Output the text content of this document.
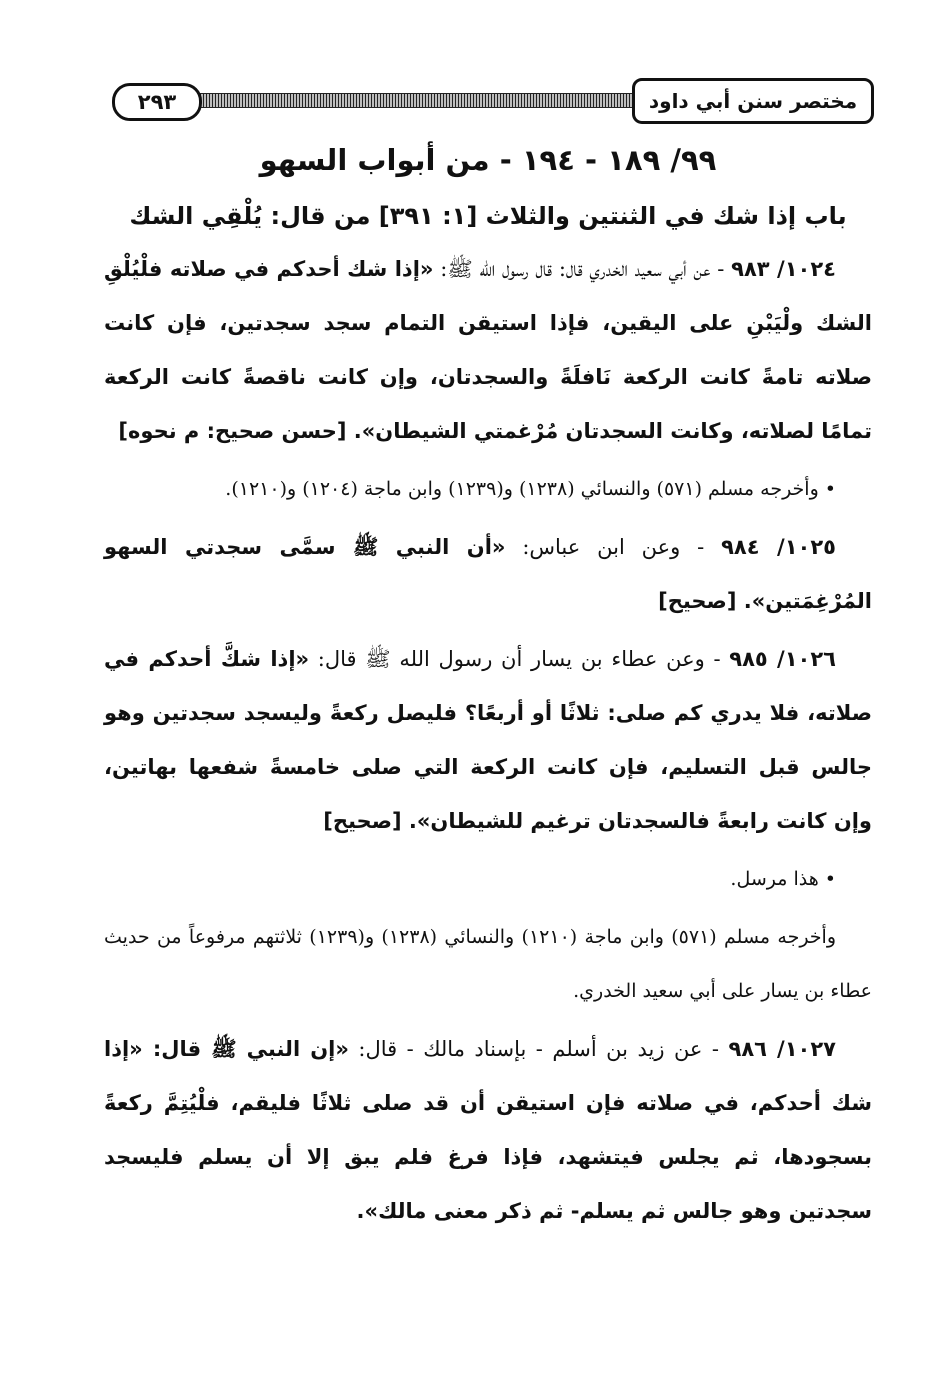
٢٩٣	مختصر سنن أبي داود
٩٩/ ١٨٩ - ١٩٤ - من أبواب السهو
باب إذا شك في الثنتين والثلاث [١: ٣٩١] من قال: يُلْقِي الشك

١٠٢٤/ ٩٨٣ - عن أبي سعيد الخدري قال: قال رسول الله ﷺ: «إذا شك أحدكم في صلاته فلْيُلْقِ الشك ولْيَبْنِ على اليقين، فإذا استيقن التمام سجد سجدتين، فإن كانت صلاته تامةً كانت الركعة نَافلَةً والسجدتان، وإن كانت ناقصةً كانت الركعة تمامًا لصلاته، وكانت السجدتان مُرْغمتي الشيطان». [حسن صحيح: م نحوه]

• وأخرجه مسلم (٥٧١) والنسائي (١٢٣٨) و(١٢٣٩) وابن ماجة (١٢٠٤) و(١٢١٠).

١٠٢٥/ ٩٨٤ - وعن ابن عباس: «أن النبي ﷺ سمَّى سجدتي السهو المُرْغِمَتين». [صحيح]

١٠٢٦/ ٩٨٥ - وعن عطاء بن يسار أن رسول الله ﷺ قال: «إذا شكَّ أحدكم في صلاته، فلا يدري كم صلى: ثلاثًا أو أربعًا؟ فليصل ركعةً وليسجد سجدتين وهو جالس قبل التسليم، فإن كانت الركعة التي صلى خامسةً شفعها بهاتين، وإن كانت رابعةً فالسجدتان ترغيم للشيطان». [صحيح]

• هذا مرسل.

وأخرجه مسلم (٥٧١) وابن ماجة (١٢١٠) والنسائي (١٢٣٨) و(١٢٣٩) ثلاثتهم مرفوعاً من حديث عطاء بن يسار على أبي سعيد الخدري.

١٠٢٧/ ٩٨٦ - عن زيد بن أسلم - بإسناد مالك - قال: «إن النبي ﷺ قال: «إذا شك أحدكم، في صلاته فإن استيقن أن قد صلى ثلاثًا فليقم، فلْيُتِمَّ ركعةً بسجودها، ثم يجلس فيتشهد، فإذا فرغ فلم يبق إلا أن يسلم فليسجد سجدتين وهو جالس ثم يسلم- ثم ذكر معنى مالك».
